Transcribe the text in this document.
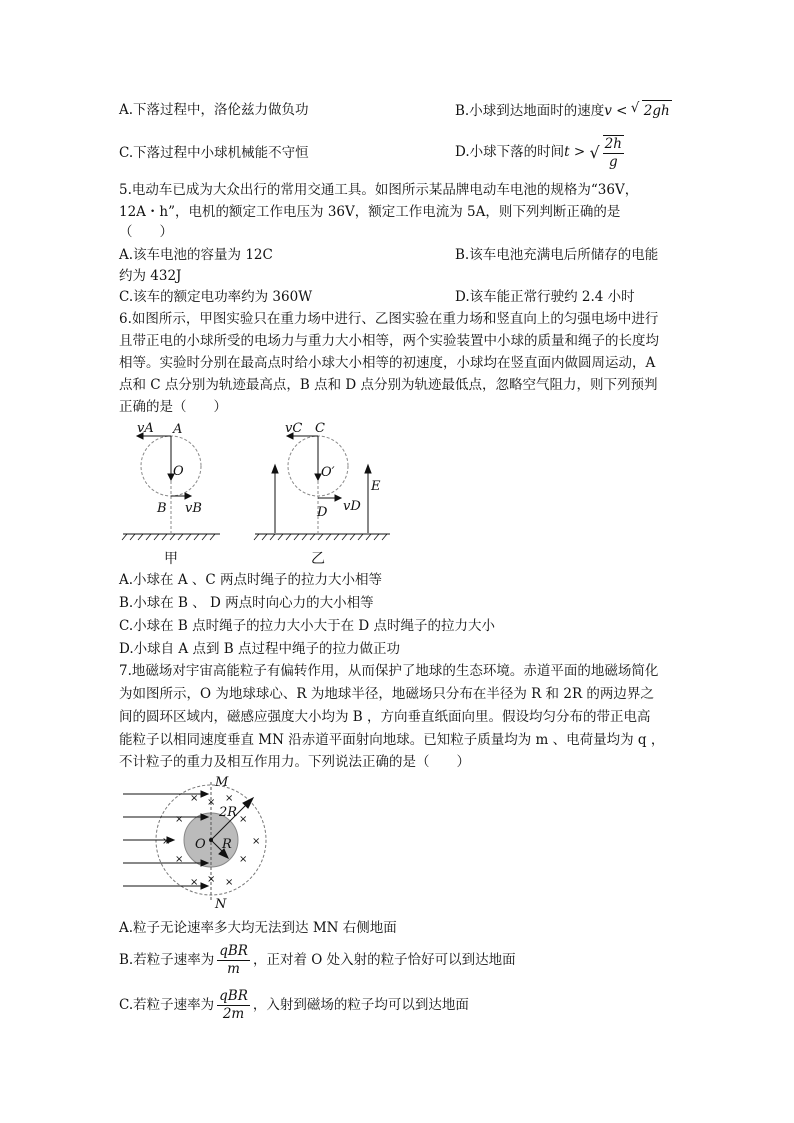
A.下落过程中，洛伦兹力做负功	B.小球到达地面时的速度v < √ 2gh
C.下落过程中小球机械能不守恒	D.小球下落的时间t > √ $\frac{2h}{g}$
5.电动车已成为大众出行的常用交通工具。如图所示某品牌电动车电池的规格为“36V，
12A・h”，电机的额定工作电压为 36V，额定工作电流为 5A，则下列判断正确的是
（　　）
A.该车电池的容量为 12C	B.该车电池充满电后所储存的电能
约为 432J
C.该车的额定电功率约为 360W	D.该车能正常行驶约 2.4 小时
6.如图所示，甲图实验只在重力场中进行、乙图实验在重力场和竖直向上的匀强电场中进行
且带正电的小球所受的电场力与重力大小相等，两个实验装置中小球的质量和绳子的长度均
相等。实验时分别在最高点时给小球大小相等的初速度，小球均在竖直面内做圆周运动，A
点和 C 点分别为轨迹最高点，B 点和 D 点分别为轨迹最低点，忽略空气阻力，则下列预判
正确的是（　　）
vA A
O
B vB
vC C
O′
D vD
E
甲	乙
A.小球在 A 、C 两点时绳子的拉力大小相等
B.小球在 B 、 D 两点时向心力的大小相等
C.小球在 B 点时绳子的拉力大小大于在 D 点时绳子的拉力大小
D.小球自 A 点到 B 点过程中绳子的拉力做正功
7.地磁场对宇宙高能粒子有偏转作用，从而保护了地球的生态环境。赤道平面的地磁场简化
为如图所示，O 为地球球心、R 为地球半径，地磁场只分布在半径为 R 和 2R 的两边界之
间的圆环区域内，磁感应强度大小均为 B ，方向垂直纸面向里。假设均匀分布的带正电高
能粒子以相同速度垂直 MN 沿赤道平面射向地球。已知粒子质量均为 m 、电荷量均为 q ，
不计粒子的重力及相互作用力。下列说法正确的是（　　）
×
×
×	×
×	×
×	×
×	×
×	×
M
N
O R
2R
A.粒子无论速率多大均无法到达 MN 右侧地面
B.若粒子速率为 $\frac{\text{qBR}}{m}$ ，正对着 O 处入射的粒子恰好可以到达地面
C.若粒子速率为 $\frac{\text{qBR}}{2m}$ ，入射到磁场的粒子均可以到达地面
